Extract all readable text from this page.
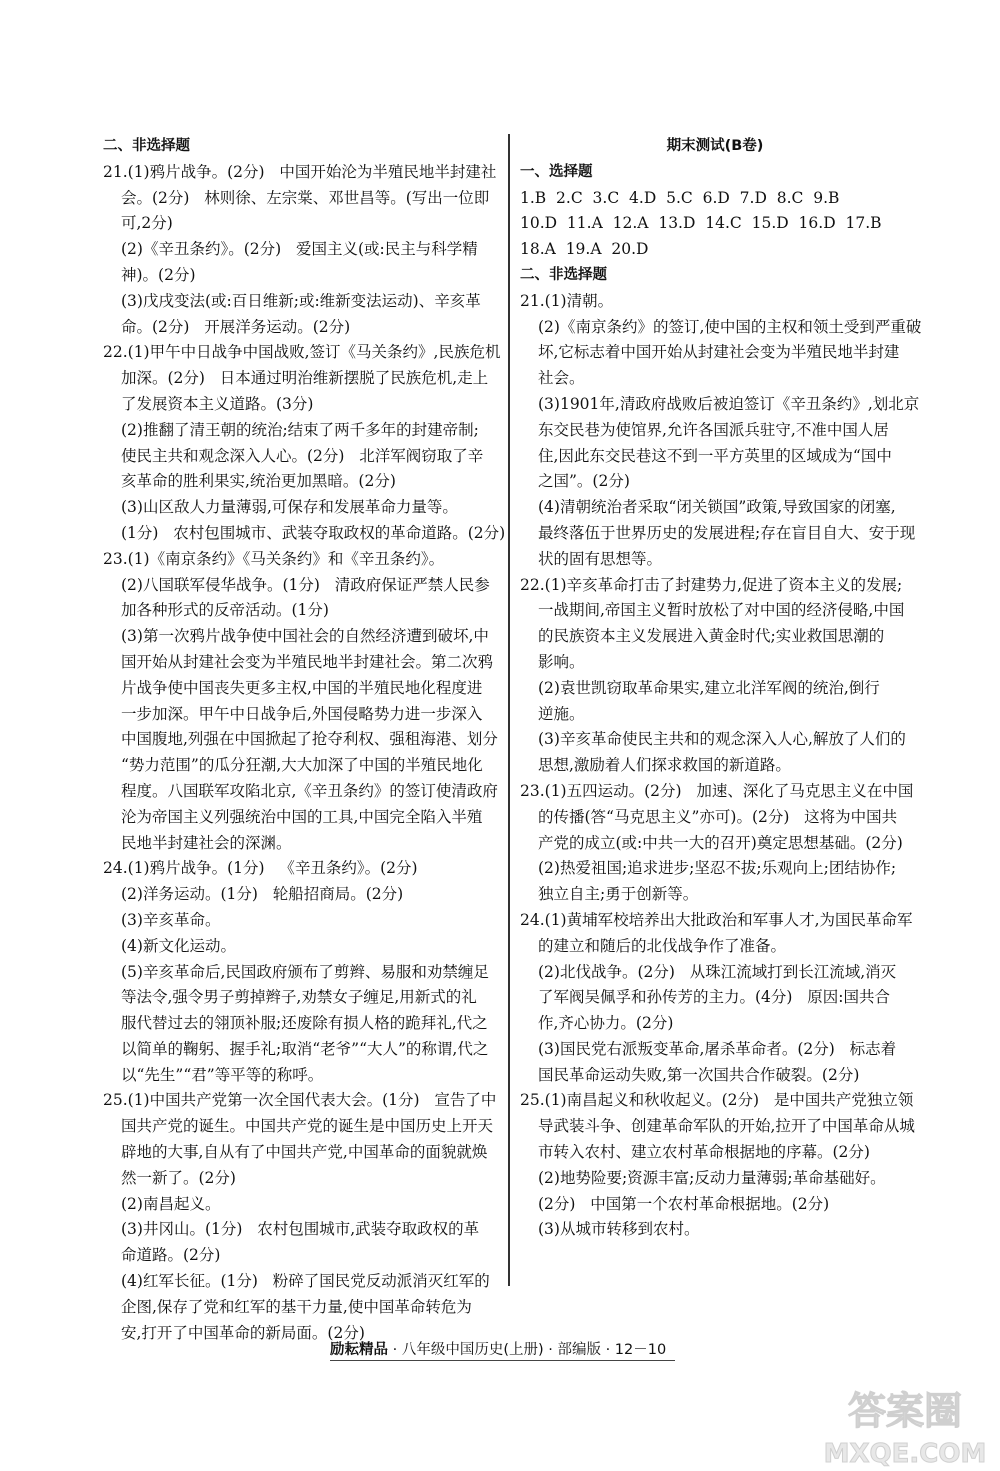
二、非选择题
21.(1)鸦片战争。(2分)   中国开始沦为半殖民地半封建社
会。(2分)   林则徐、左宗棠、邓世昌等。(写出一位即
可,2分)
(2)《辛丑条约》。(2分)   爱国主义(或:民主与科学精
神)。(2分)
(3)戊戌变法(或:百日维新;或:维新变法运动)、辛亥革
命。(2分)   开展洋务运动。(2分)
22.(1)甲午中日战争中国战败,签订《马关条约》,民族危机
加深。(2分)   日本通过明治维新摆脱了民族危机,走上
了发展资本主义道路。(3分)
(2)推翻了清王朝的统治;结束了两千多年的封建帝制;
使民主共和观念深入人心。(2分)   北洋军阀窃取了辛
亥革命的胜利果实,统治更加黑暗。(2分)
(3)山区敌人力量薄弱,可保存和发展革命力量等。
(1分)   农村包围城市、武装夺取政权的革命道路。(2分)
23.(1)《南京条约》《马关条约》和《辛丑条约》。
(2)八国联军侵华战争。(1分)   清政府保证严禁人民参
加各种形式的反帝活动。(1分)
(3)第一次鸦片战争使中国社会的自然经济遭到破坏,中
国开始从封建社会变为半殖民地半封建社会。第二次鸦
片战争使中国丧失更多主权,中国的半殖民地化程度进
一步加深。甲午中日战争后,外国侵略势力进一步深入
中国腹地,列强在中国掀起了抢夺利权、强租海港、划分
“势力范围”的瓜分狂潮,大大加深了中国的半殖民地化
程度。八国联军攻陷北京,《辛丑条约》的签订使清政府
沦为帝国主义列强统治中国的工具,中国完全陷入半殖
民地半封建社会的深渊。
24.(1)鸦片战争。(1分)   《辛丑条约》。(2分)
(2)洋务运动。(1分)   轮船招商局。(2分)
(3)辛亥革命。
(4)新文化运动。
(5)辛亥革命后,民国政府颁布了剪辫、易服和劝禁缠足
等法令,强令男子剪掉辫子,劝禁女子缠足,用新式的礼
服代替过去的翎顶补服;还废除有损人格的跪拜礼,代之
以简单的鞠躬、握手礼;取消“老爷”“大人”的称谓,代之
以“先生”“君”等平等的称呼。
25.(1)中国共产党第一次全国代表大会。(1分)   宣告了中
国共产党的诞生。中国共产党的诞生是中国历史上开天
辟地的大事,自从有了中国共产党,中国革命的面貌就焕
然一新了。(2分)
(2)南昌起义。
(3)井冈山。(1分)   农村包围城市,武装夺取政权的革
命道路。(2分)
(4)红军长征。(1分)   粉碎了国民党反动派消灭红军的
企图,保存了党和红军的基干力量,使中国革命转危为
安,打开了中国革命的新局面。(2分)
期末测试(B卷)
一、选择题
1.B  2.C  3.C  4.D  5.C  6.D  7.D  8.C  9.B
10.D  11.A  12.A  13.D  14.C  15.D  16.D  17.B
18.A  19.A  20.D
二、非选择题
21.(1)清朝。
(2)《南京条约》的签订,使中国的主权和领土受到严重破
坏,它标志着中国开始从封建社会变为半殖民地半封建
社会。
(3)1901年,清政府战败后被迫签订《辛丑条约》,划北京
东交民巷为使馆界,允许各国派兵驻守,不准中国人居
住,因此东交民巷这不到一平方英里的区域成为“国中
之国”。(2分)
(4)清朝统治者采取“闭关锁国”政策,导致国家的闭塞,
最终落伍于世界历史的发展进程;存在盲目自大、安于现
状的固有思想等。
22.(1)辛亥革命打击了封建势力,促进了资本主义的发展;
一战期间,帝国主义暂时放松了对中国的经济侵略,中国
的民族资本主义发展进入黄金时代;实业救国思潮的
影响。
(2)袁世凯窃取革命果实,建立北洋军阀的统治,倒行
逆施。
(3)辛亥革命使民主共和的观念深入人心,解放了人们的
思想,激励着人们探求救国的新道路。
23.(1)五四运动。(2分)   加速、深化了马克思主义在中国
的传播(答“马克思主义”亦可)。(2分)   这将为中国共
产党的成立(或:中共一大的召开)奠定思想基础。(2分)
(2)热爱祖国;追求进步;坚忍不拔;乐观向上;团结协作;
独立自主;勇于创新等。
24.(1)黄埔军校培养出大批政治和军事人才,为国民革命军
的建立和随后的北伐战争作了准备。
(2)北伐战争。(2分)   从珠江流域打到长江流域,消灭
了军阀吴佩孚和孙传芳的主力。(4分)   原因:国共合
作,齐心协力。(2分)
(3)国民党右派叛变革命,屠杀革命者。(2分)   标志着
国民革命运动失败,第一次国共合作破裂。(2分)
25.(1)南昌起义和秋收起义。(2分)   是中国共产党独立领
导武装斗争、创建革命军队的开始,拉开了中国革命从城
市转入农村、建立农村革命根据地的序幕。(2分)
(2)地势险要;资源丰富;反动力量薄弱;革命基础好。
(2分)   中国第一个农村革命根据地。(2分)
(3)从城市转移到农村。
励耘精品 · 八年级中国历史(上册) · 部编版 · 12－10
答案圈
MXQE.COM
